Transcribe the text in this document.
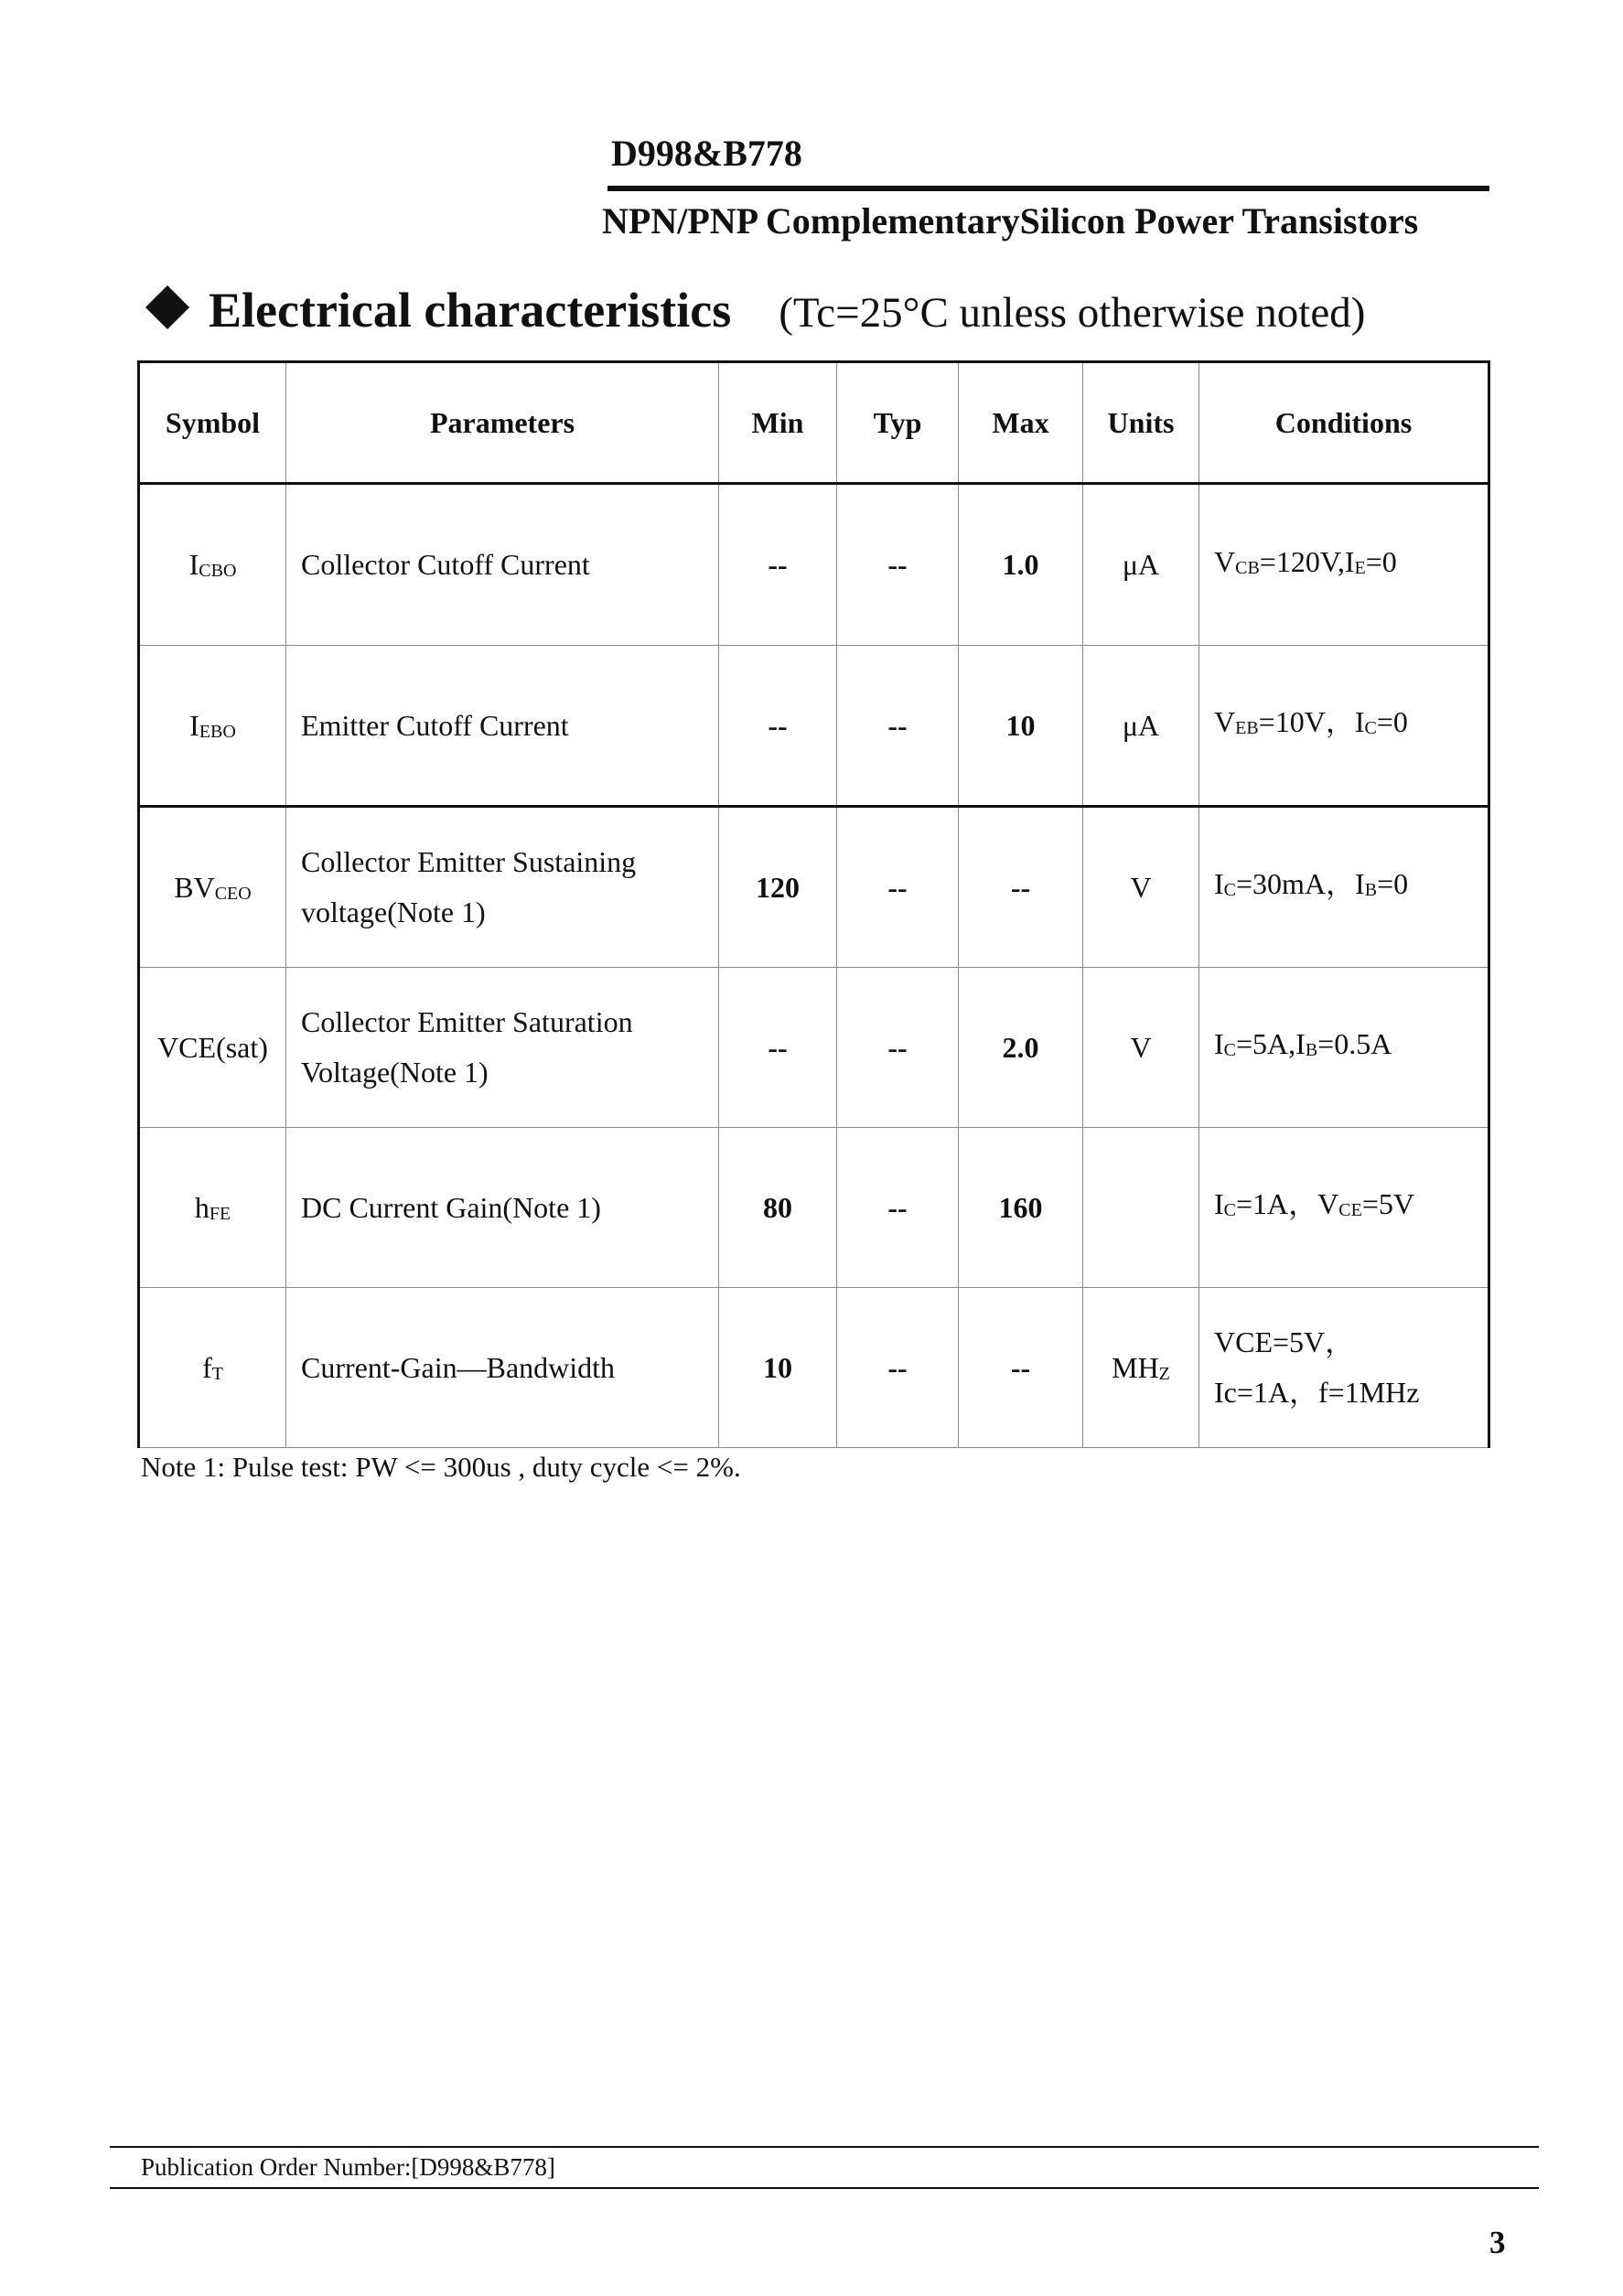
D998&B778
NPN/PNP ComplementarySilicon Power Transistors
Electrical characteristics (Tc=25°C unless otherwise noted)
Symbol	Parameters	Min	Typ	Max	Units	Conditions
$I_{CBO}$	Collector Cutoff Current	--	--	1.0	μA	$V_{CB}=120V,I_E=0$

$I_{EBO}$	Emitter Cutoff Current	--	--	10	μA	$V_{EB}=10V$，$I_C=0$

$BV_{CEO}$	Collector Emitter Sustaining
voltage(Note 1)	120	--	--	V	$I_C=30mA$，$I_B=0$

VCE(sat)	Collector Emitter Saturation
Voltage(Note 1)	--	--	2.0	V	$I_C=5A,I_B=0.5A$

$h_{FE}$	DC Current Gain(Note 1)	80	--	160		$I_C=1A$，$V_{CE}=5V$

$f_T$	Current-Gain—Bandwidth	10	--	--	$MH_Z$	VCE=5V，
Ic=1A，f=1MHz
Note 1: Pulse test: PW <= 300us , duty cycle <= 2%.
Publication Order Number:[D998&B778]
3
